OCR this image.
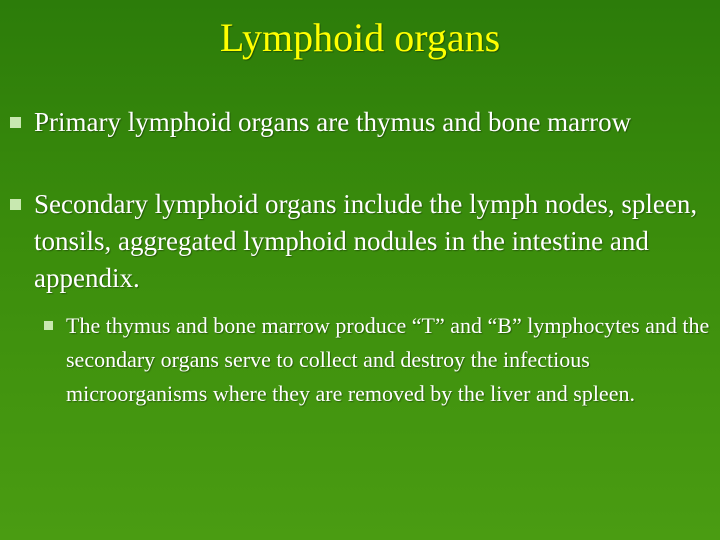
Lymphoid organs
Primary lymphoid organs are thymus and bone marrow
Secondary lymphoid organs include the lymph nodes, spleen, tonsils, aggregated lymphoid nodules in the intestine and appendix.
The thymus and bone marrow produce “T” and “B” lymphocytes and the secondary organs serve to collect and destroy the infectious microorganisms where they are removed by the liver and spleen.
